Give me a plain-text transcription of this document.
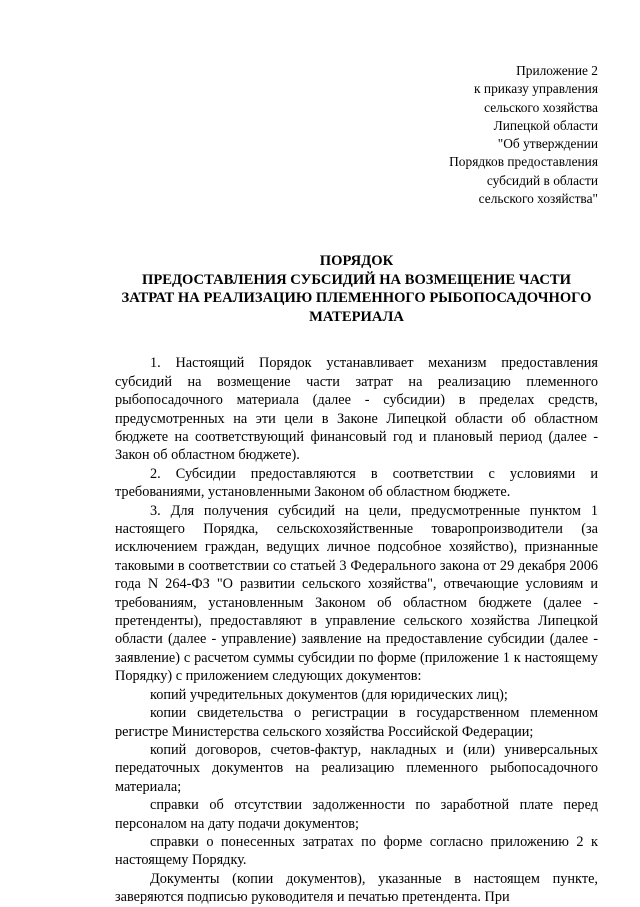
Приложение 2
к приказу управления
сельского хозяйства
Липецкой области
"Об утверждении
Порядков предоставления
субсидий в области
сельского хозяйства"
ПОРЯДОК
ПРЕДОСТАВЛЕНИЯ СУБСИДИЙ НА ВОЗМЕЩЕНИЕ ЧАСТИ
ЗАТРАТ НА РЕАЛИЗАЦИЮ ПЛЕМЕННОГО РЫБОПОСАДОЧНОГО
МАТЕРИАЛА

1. Настоящий Порядок устанавливает механизм предоставления субсидий на возмещение части затрат на реализацию племенного рыбопосадочного материала (далее - субсидии) в пределах средств, предусмотренных на эти цели в Законе Липецкой области об областном бюджете на соответствующий финансовый год и плановый период (далее - Закон об областном бюджете).

2. Субсидии предоставляются в соответствии с условиями и требованиями, установленными Законом об областном бюджете.

3. Для получения субсидий на цели, предусмотренные пунктом 1 настоящего Порядка, сельскохозяйственные товаропроизводители (за исключением граждан, ведущих личное подсобное хозяйство), признанные таковыми в соответствии со статьей 3 Федерального закона от 29 декабря 2006 года N 264-ФЗ "О развитии сельского хозяйства", отвечающие условиям и требованиям, установленным Законом об областном бюджете (далее - претенденты), предоставляют в управление сельского хозяйства Липецкой области (далее - управление) заявление на предоставление субсидии (далее - заявление) с расчетом суммы субсидии по форме (приложение 1 к настоящему Порядку) с приложением следующих документов:

копий учредительных документов (для юридических лиц);

копии свидетельства о регистрации в государственном племенном регистре Министерства сельского хозяйства Российской Федерации;

копий договоров, счетов-фактур, накладных и (или) универсальных передаточных документов на реализацию племенного рыбопосадочного материала;

справки об отсутствии задолженности по заработной плате перед персоналом на дату подачи документов;

справки о понесенных затратах по форме согласно приложению 2 к настоящему Порядку.

Документы (копии документов), указанные в настоящем пункте, заверяются подписью руководителя и печатью претендента. При
